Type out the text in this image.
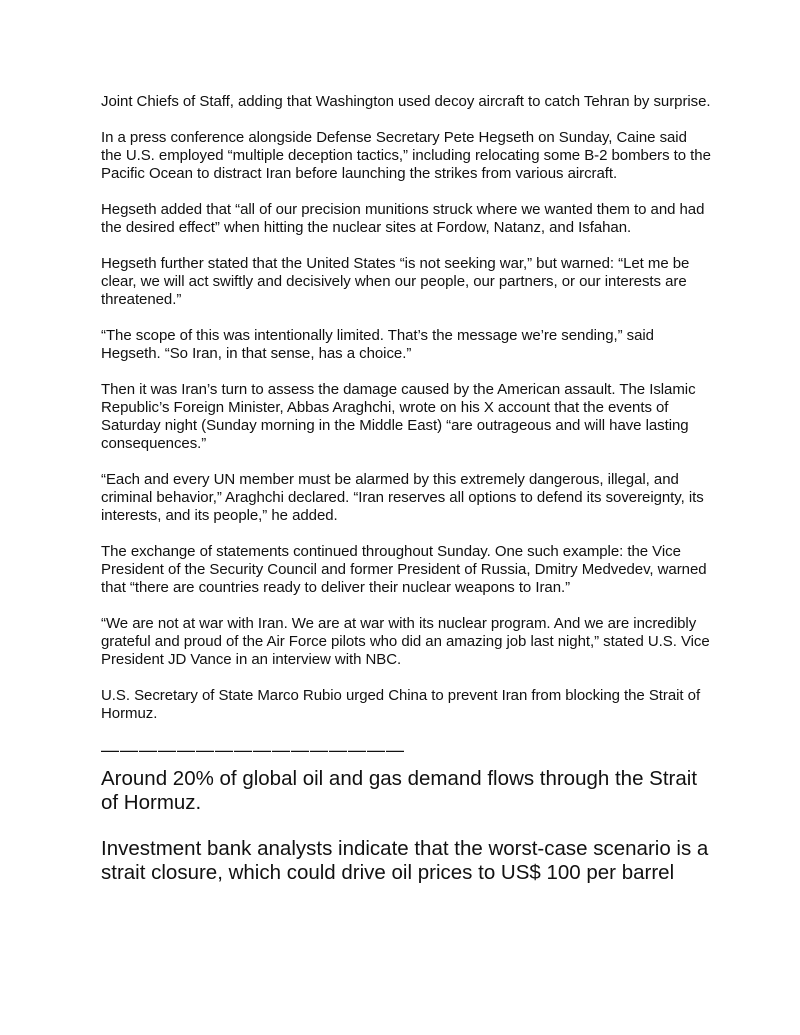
Joint Chiefs of Staff, adding that Washington used decoy aircraft to catch Tehran by surprise.

In a press conference alongside Defense Secretary Pete Hegseth on Sunday, Caine said the U.S. employed “multiple deception tactics,” including relocating some B-2 bombers to the Pacific Ocean to distract Iran before launching the strikes from various aircraft.

Hegseth added that “all of our precision munitions struck where we wanted them to and had the desired effect” when hitting the nuclear sites at Fordow, Natanz, and Isfahan.

Hegseth further stated that the United States “is not seeking war,” but warned: “Let me be clear, we will act swiftly and decisively when our people, our partners, or our interests are threatened.”

“The scope of this was intentionally limited. That’s the message we’re sending,” said Hegseth. “So Iran, in that sense, has a choice.”

Then it was Iran’s turn to assess the damage caused by the American assault. The Islamic Republic’s Foreign Minister, Abbas Araghchi, wrote on his X account that the events of Saturday night (Sunday morning in the Middle East) “are outrageous and will have lasting consequences.”

“Each and every UN member must be alarmed by this extremely dangerous, illegal, and criminal behavior,” Araghchi declared. “Iran reserves all options to defend its sovereignty, its interests, and its people,” he added.

The exchange of statements continued throughout Sunday. One such example: the Vice President of the Security Council and former President of Russia, Dmitry Medvedev, warned that “there are countries ready to deliver their nuclear weapons to Iran.”

“We are not at war with Iran. We are at war with its nuclear program. And we are incredibly grateful and proud of the Air Force pilots who did an amazing job last night,” stated U.S. Vice President JD Vance in an interview with NBC.

U.S. Secretary of State Marco Rubio urged China to prevent Iran from blocking the Strait of Hormuz.

————————————————

Around 20% of global oil and gas demand flows through the Strait of Hormuz.

Investment bank analysts indicate that the worst-case scenario is a strait closure, which could drive oil prices to US$ 100 per barrel
